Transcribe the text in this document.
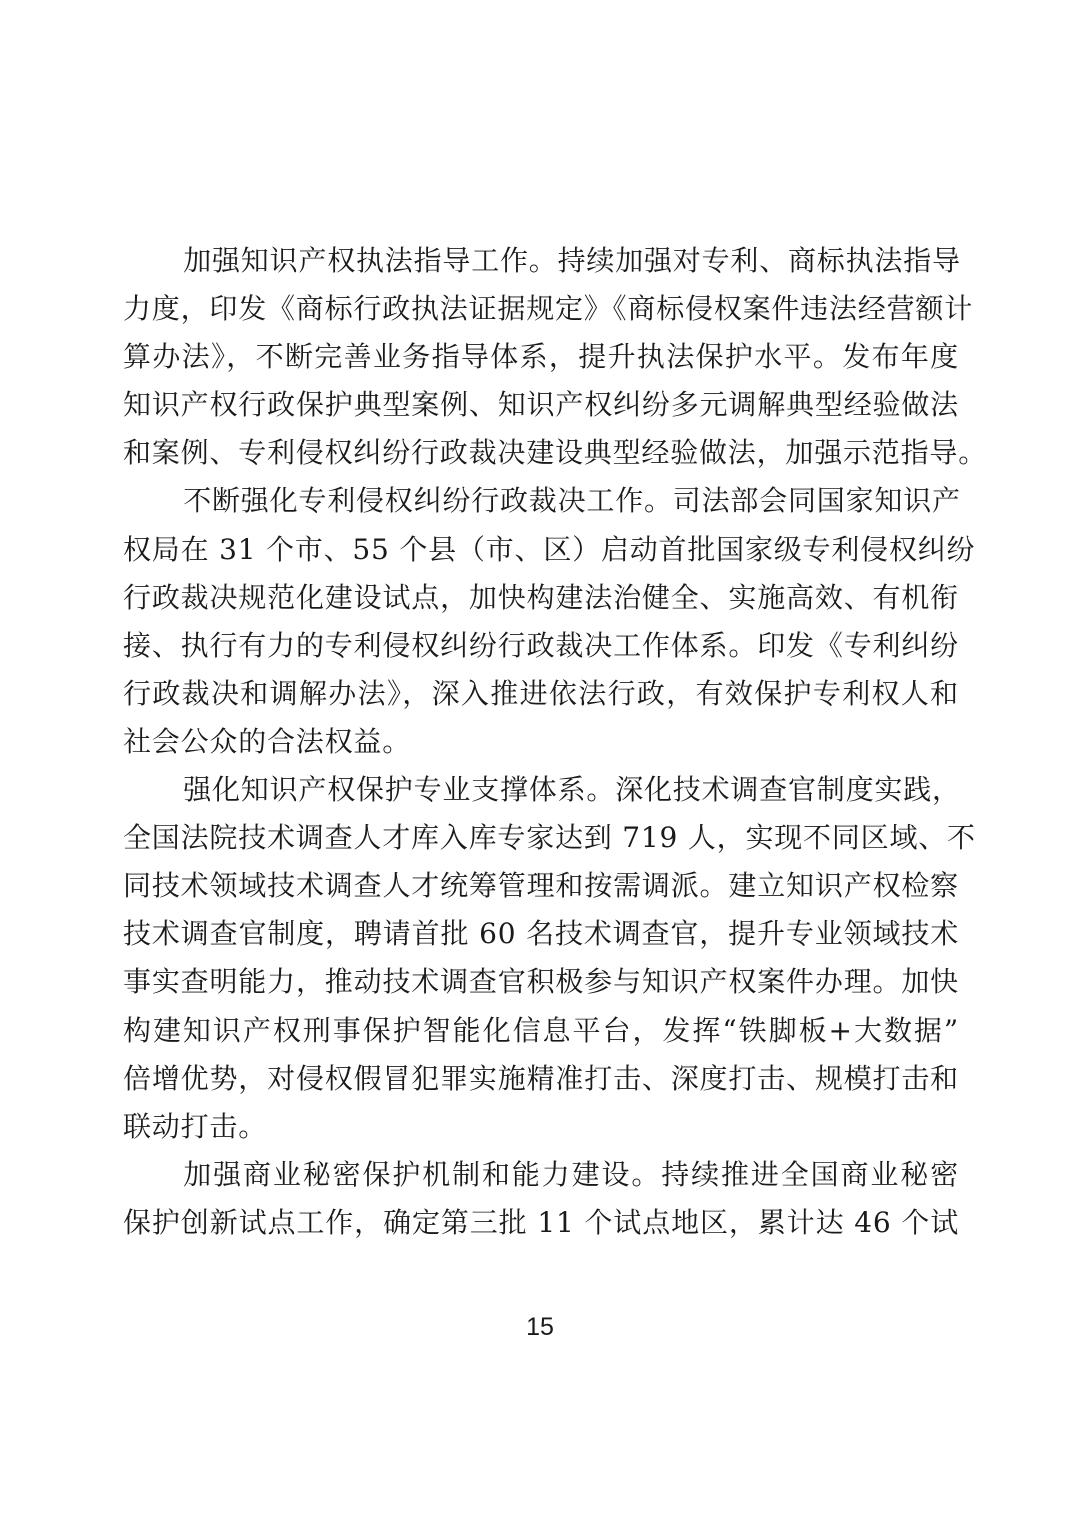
加强知识产权执法指导工作。持续加强对专利、商标执法指导
力度，印发《商标行政执法证据规定》《商标侵权案件违法经营额计
算办法》，不断完善业务指导体系，提升执法保护水平。发布年度
知识产权行政保护典型案例、知识产权纠纷多元调解典型经验做法
和案例、专利侵权纠纷行政裁决建设典型经验做法，加强示范指导。

不断强化专利侵权纠纷行政裁决工作。司法部会同国家知识产
权局在 31 个市、55 个县（市、区）启动首批国家级专利侵权纠纷
行政裁决规范化建设试点，加快构建法治健全、实施高效、有机衔
接、执行有力的专利侵权纠纷行政裁决工作体系。印发《专利纠纷
行政裁决和调解办法》，深入推进依法行政，有效保护专利权人和
社会公众的合法权益。

强化知识产权保护专业支撑体系。深化技术调查官制度实践，
全国法院技术调查人才库入库专家达到 719 人，实现不同区域、不
同技术领域技术调查人才统筹管理和按需调派。建立知识产权检察
技术调查官制度，聘请首批 60 名技术调查官，提升专业领域技术
事实查明能力，推动技术调查官积极参与知识产权案件办理。加快
构建知识产权刑事保护智能化信息平台，发挥“铁脚板+大数据”
倍增优势，对侵权假冒犯罪实施精准打击、深度打击、规模打击和
联动打击。

加强商业秘密保护机制和能力建设。持续推进全国商业秘密
保护创新试点工作，确定第三批 11 个试点地区，累计达 46 个试

15
